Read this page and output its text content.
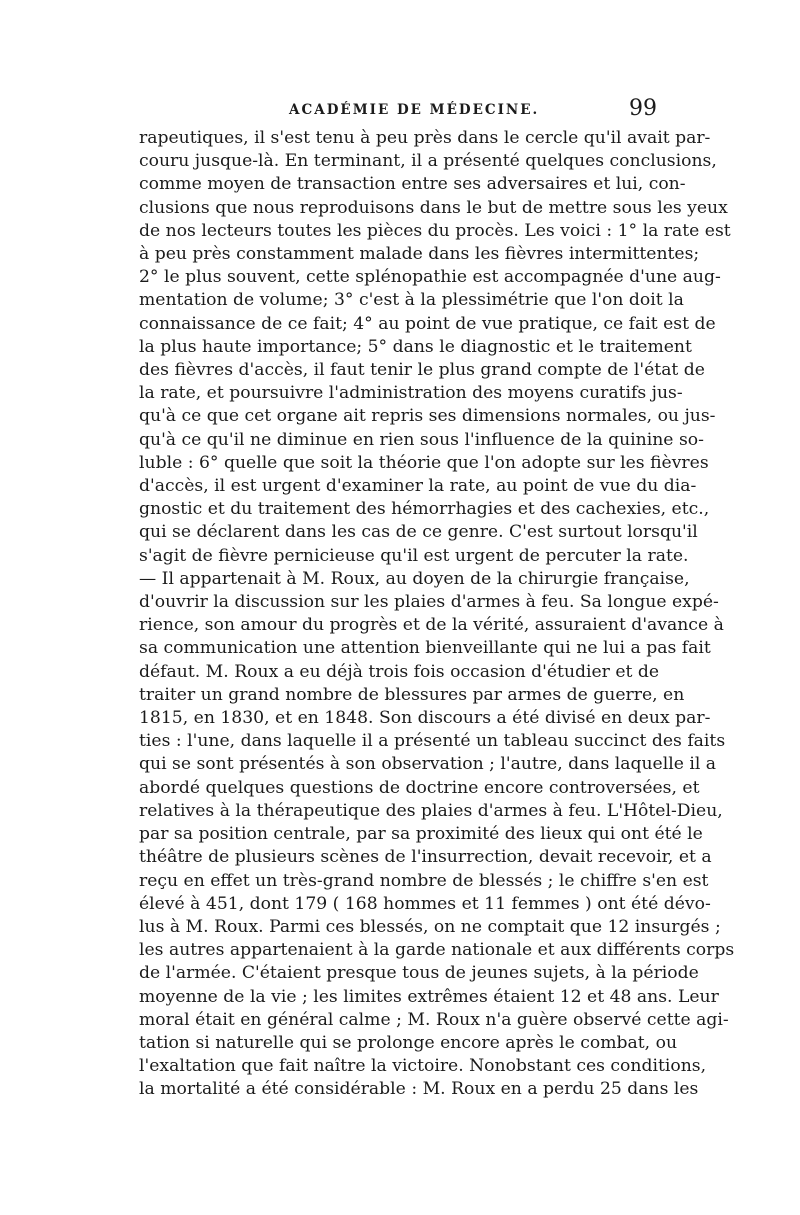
ACADÉMIE DE MÉDECINE.	99
rapeutiques, il s'est tenu à peu près dans le cercle qu'il avait par-
couru jusque-là. En terminant, il a présenté quelques conclusions,
comme moyen de transaction entre ses adversaires et lui, con-
clusions que nous reproduisons dans le but de mettre sous les yeux
de nos lecteurs toutes les pièces du procès. Les voici : 1° la rate est
à peu près constamment malade dans les fièvres intermittentes;
2° le plus souvent, cette splénopathie est accompagnée d'une aug-
mentation de volume; 3° c'est à la plessimétrie que l'on doit la
connaissance de ce fait; 4° au point de vue pratique, ce fait est de
la plus haute importance; 5° dans le diagnostic et le traitement
des fièvres d'accès, il faut tenir le plus grand compte de l'état de
la rate, et poursuivre l'administration des moyens curatifs jus-
qu'à ce que cet organe ait repris ses dimensions normales, ou jus-
qu'à ce qu'il ne diminue en rien sous l'influence de la quinine so-
luble : 6° quelle que soit la théorie que l'on adopte sur les fièvres
d'accès, il est urgent d'examiner la rate, au point de vue du dia-
gnostic et du traitement des hémorrhagies et des cachexies, etc.,
qui se déclarent dans les cas de ce genre. C'est surtout lorsqu'il
s'agit de fièvre pernicieuse qu'il est urgent de percuter la rate.
— Il appartenait à M. Roux, au doyen de la chirurgie française,
d'ouvrir la discussion sur les plaies d'armes à feu. Sa longue expé-
rience, son amour du progrès et de la vérité, assuraient d'avance à
sa communication une attention bienveillante qui ne lui a pas fait
défaut. M. Roux a eu déjà trois fois occasion d'étudier et de
traiter un grand nombre de blessures par armes de guerre, en
1815, en 1830, et en 1848. Son discours a été divisé en deux par-
ties : l'une, dans laquelle il a présenté un tableau succinct des faits
qui se sont présentés à son observation ; l'autre, dans laquelle il a
abordé quelques questions de doctrine encore controversées, et
relatives à la thérapeutique des plaies d'armes à feu. L'Hôtel-Dieu,
par sa position centrale, par sa proximité des lieux qui ont été le
théâtre de plusieurs scènes de l'insurrection, devait recevoir, et a
reçu en effet un très-grand nombre de blessés ; le chiffre s'en est
élevé à 451, dont 179 ( 168 hommes et 11 femmes ) ont été dévo-
lus à M. Roux. Parmi ces blessés, on ne comptait que 12 insurgés ;
les autres appartenaient à la garde nationale et aux différents corps
de l'armée. C'étaient presque tous de jeunes sujets, à la période
moyenne de la vie ; les limites extrêmes étaient 12 et 48 ans. Leur
moral était en général calme ; M. Roux n'a guère observé cette agi-
tation si naturelle qui se prolonge encore après le combat, ou
l'exaltation que fait naître la victoire. Nonobstant ces conditions,
la mortalité a été considérable : M. Roux en a perdu 25 dans les
